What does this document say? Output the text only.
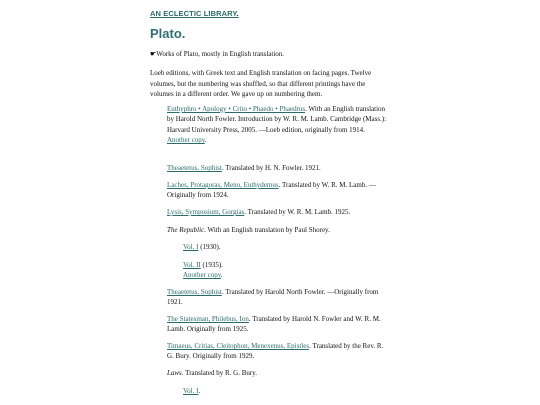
AN ECLECTIC LIBRARY.
Plato.

☛Works of Plato, mostly in English translation.

Loeb editions, with Greek text and English translation on facing pages. Twelve volumes, but the numbering was shuffled, so that different printings have the volumes in a different order. We gave up on numbering them.

Euthyphro • Apology • Crito • Phaedo • Phaedrus. With an English translation by Harold North Fowler. Introduction by W. R. M. Lamb. Cambridge (Mass.): Harvard University Press, 2005. —Loeb edition, originally from 1914.
Another copy.
Theaetetus, Sophist. Translated by H. N. Fowler. 1921.
Laches, Protagoras, Meno, Euthydemus. Translated by W. R. M. Lamb. —Originally from 1924.
Lysis, Symposium, Gorgias. Translated by W. R. M. Lamb. 1925.
The Republic. With an English translation by Paul Shorey.
Vol. I (1930).
Vol. II (1935).
Another copy.
Theaetetus, Sophist. Translated by Harold North Fowler. —Originally from 1921.
The Statesman, Philebus, Ion. Translated by Harold N. Fowler and W. R. M. Lamb. Originally from 1925.
Timaeus, Critias, Cleitophon, Menexenus, Epistles. Translated by the Rev. R. G. Bury. Originally from 1929.
Laws. Translated by R. G. Bury.
Vol. I.
